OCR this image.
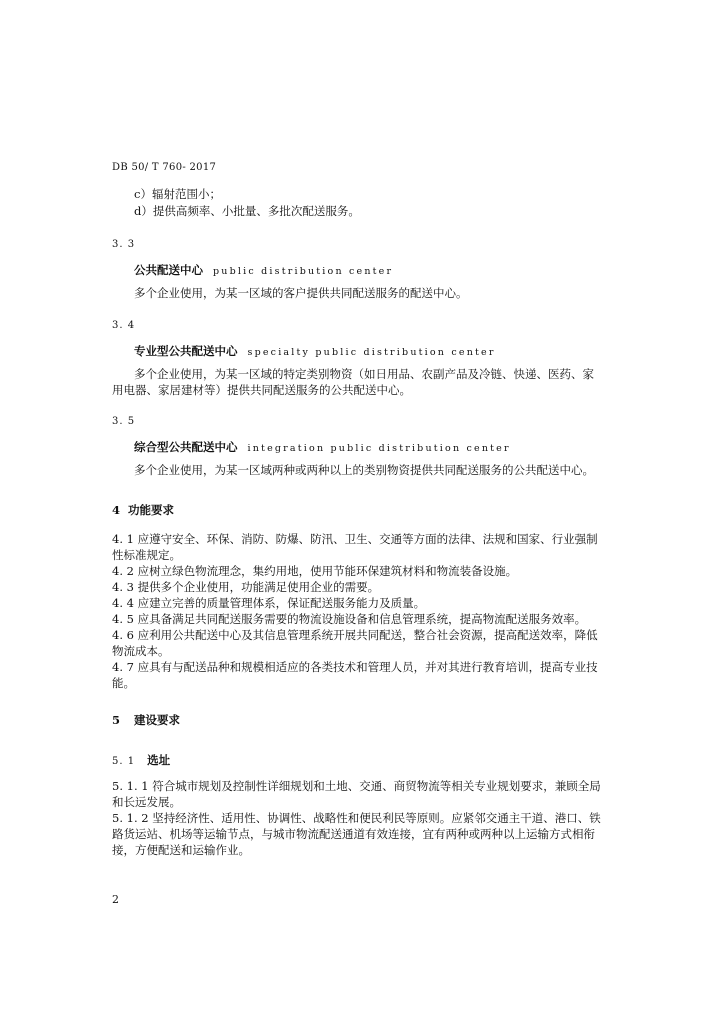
DB 50/ T 760- 2017
c）辐射范围小；
d）提供高频率、小批量、多批次配送服务。
3. 3
公共配送中心 public distribution center
多个企业使用，为某一区域的客户提供共同配送服务的配送中心。
3. 4
专业型公共配送中心 specialty public distribution center
多个企业使用，为某一区域的特定类别物资（如日用品、农副产品及冷链、快递、医药、家
用电器、家居建材等）提供共同配送服务的公共配送中心。
3. 5
综合型公共配送中心 integration public distribution center
多个企业使用，为某一区域两种或两种以上的类别物资提供共同配送服务的公共配送中心。
4 功能要求
4. 1 应遵守安全、环保、消防、防爆、防汛、卫生、交通等方面的法律、法规和国家、行业强制
性标准规定。
4. 2 应树立绿色物流理念，集约用地，使用节能环保建筑材料和物流装备设施。
4. 3 提供多个企业使用，功能满足使用企业的需要。
4. 4 应建立完善的质量管理体系，保证配送服务能力及质量。
4. 5 应具备满足共同配送服务需要的物流设施设备和信息管理系统，提高物流配送服务效率。
4. 6 应利用公共配送中心及其信息管理系统开展共同配送，整合社会资源，提高配送效率，降低
物流成本。
4. 7 应具有与配送品种和规模相适应的各类技术和管理人员，并对其进行教育培训，提高专业技
能。
5 建设要求
5. 1 选址
5. 1. 1 符合城市规划及控制性详细规划和土地、交通、商贸物流等相关专业规划要求，兼顾全局
和长远发展。
5. 1. 2 坚持经济性、适用性、协调性、战略性和便民利民等原则。应紧邻交通主干道、港口、铁
路货运站、机场等运输节点，与城市物流配送通道有效连接，宜有两种或两种以上运输方式相衔
接，方便配送和运输作业。
2
